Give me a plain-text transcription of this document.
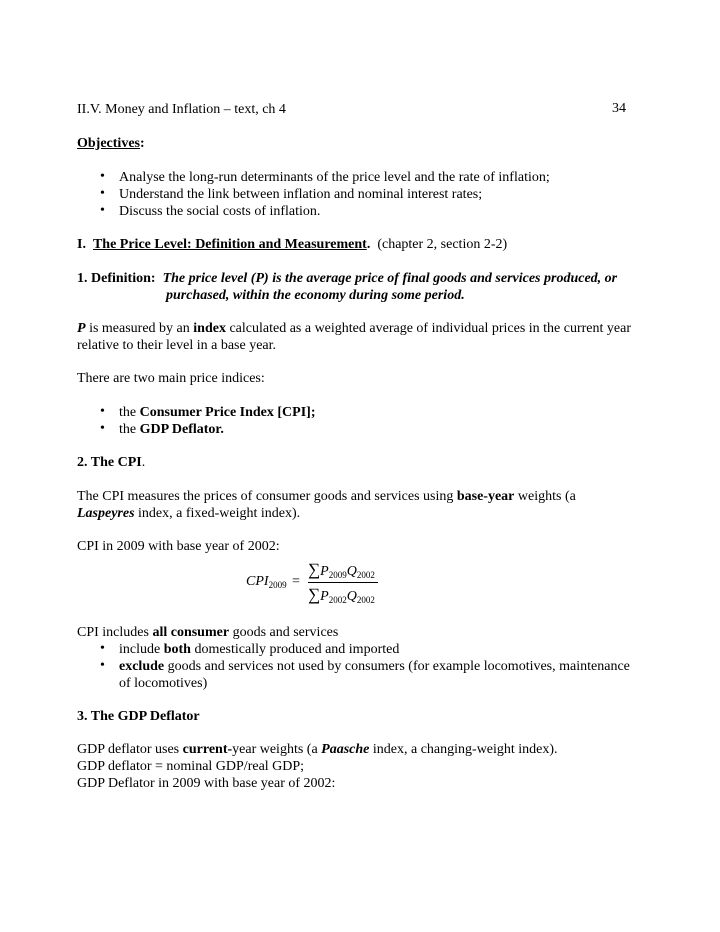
II.V. Money and Inflation – text, ch 4	34
Objectives:
• Analyse the long-run determinants of the price level and the rate of inflation;
• Understand the link between inflation and nominal interest rates;
• Discuss the social costs of inflation.
I. The Price Level: Definition and Measurement. (chapter 2, section 2-2)
1. Definition: The price level (P) is the average price of final goods and services produced, or
purchased, within the economy during some period.
P is measured by an index calculated as a weighted average of individual prices in the current year
relative to their level in a base year.
There are two main price indices:
• the Consumer Price Index [CPI];
• the GDP Deflator.
2. The CPI.
The CPI measures the prices of consumer goods and services using base-year weights (a
Laspeyres index, a fixed-weight index).
CPI in 2009 with base year of 2002:
$CPI_{2009}$ =
$\sum P_{2009}Q_{2002}$
$\sum P_{2002}Q_{2002}$
CPI includes all consumer goods and services
• include both domestically produced and imported
• exclude goods and services not used by consumers (for example locomotives, maintenance
of locomotives)
3. The GDP Deflator
GDP deflator uses current-year weights (a Paasche index, a changing-weight index).
GDP deflator = nominal GDP/real GDP;
GDP Deflator in 2009 with base year of 2002:
